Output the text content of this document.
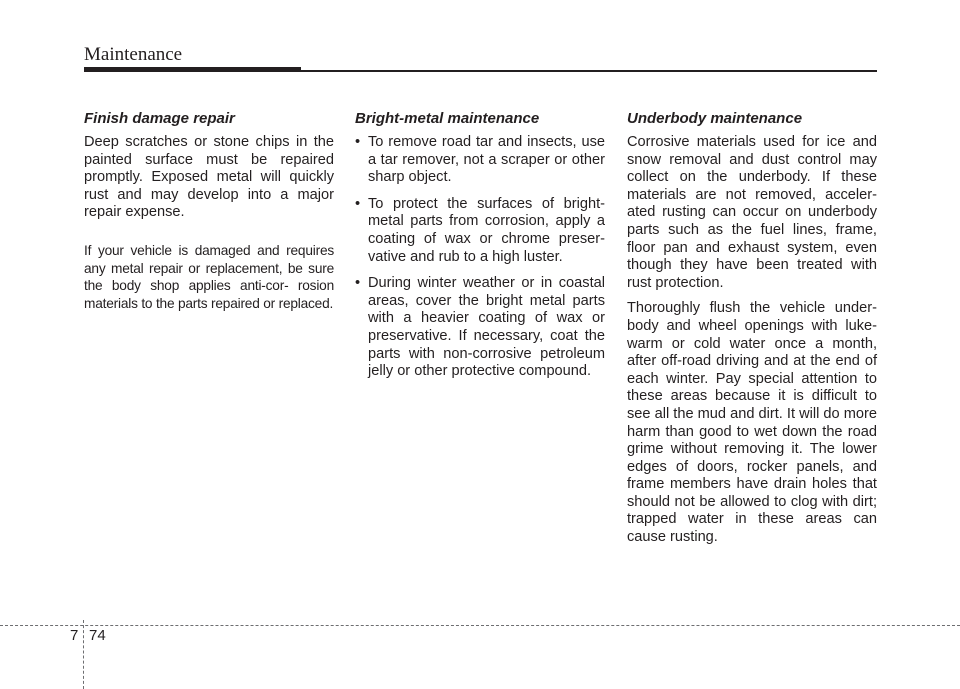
Maintenance
Finish damage repair

Deep scratches or stone chips in the painted surface must be repaired promptly. Exposed metal will quickly rust and may develop into a major repair expense.

If your vehicle is damaged and requires any metal repair or replacement, be sure the body shop applies anti-cor- rosion materials to the parts repaired or replaced.

Bright-metal maintenance
• To remove road tar and insects, use a tar remover, not a scraper or other sharp object.
• To protect the surfaces of bright- metal parts from corrosion, apply a coating of wax or chrome preser- vative and rub to a high luster.
• During winter weather or in coastal areas, cover the bright metal parts with a heavier coating of wax or preservative. If necessary, coat the parts with non-corrosive petroleum jelly or other protective compound.
Underbody maintenance

Corrosive materials used for ice and snow removal and dust control may collect on the underbody. If these materials are not removed, acceler- ated rusting can occur on underbody parts such as the fuel lines, frame, floor pan and exhaust system, even though they have been treated with rust protection.

Thoroughly flush the vehicle under- body and wheel openings with luke- warm or cold water once a month, after off-road driving and at the end of each winter. Pay special attention to these areas because it is difficult to see all the mud and dirt. It will do more harm than good to wet down the road grime without removing it. The lower edges of doors, rocker panels, and frame members have drain holes that should not be allowed to clog with dirt; trapped water in these areas can cause rusting.

7 74
